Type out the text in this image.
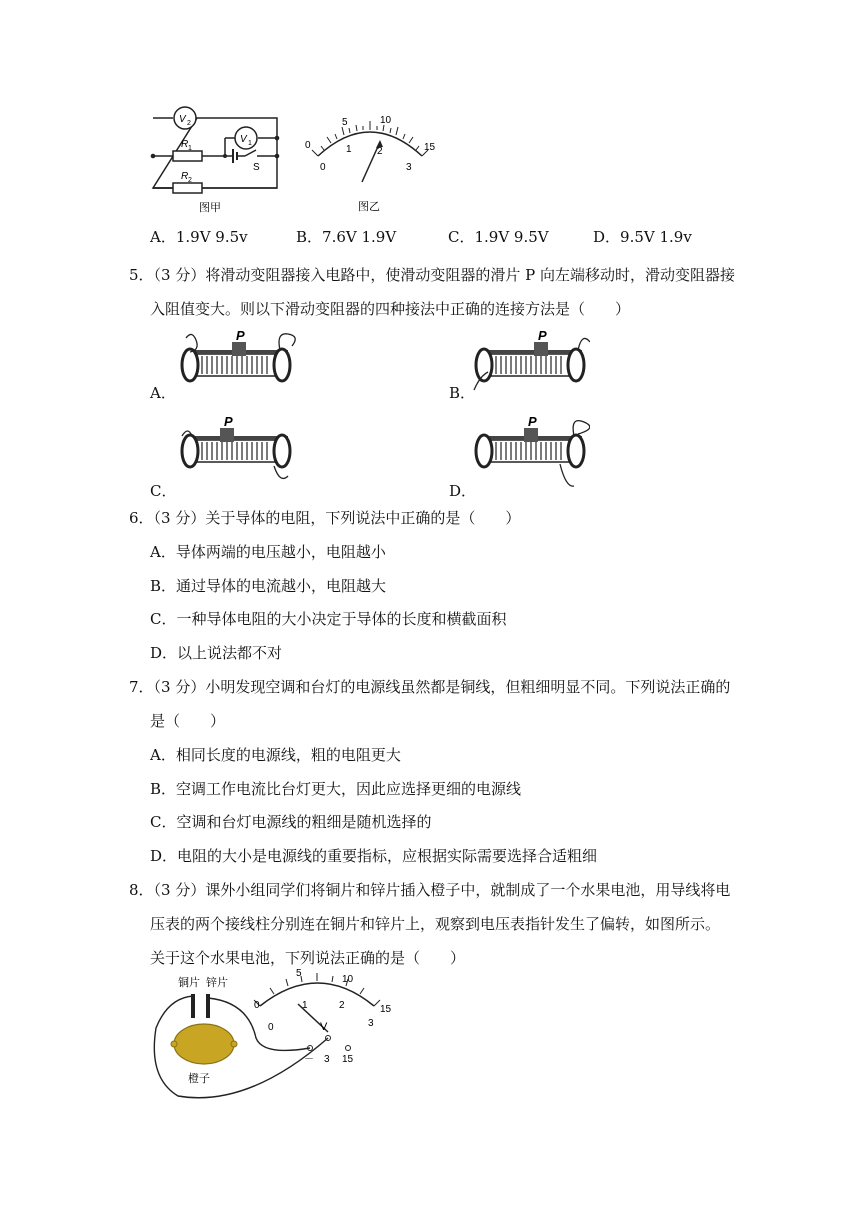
V 2
V 1
R 1
R 2
S
图甲
0
5	10
15
0
1	2
3
图乙
A．1.9V 9.5v	B．7.6V 1.9V	C．1.9V 9.5V	D．9.5V 1.9v
5．（3 分）将滑动变阻器接入电路中，使滑动变阻器的滑片 P 向左端移动时，滑动变阻器接
入阻值变大。则以下滑动变阻器的四种接法中正确的连接方法是（　　）
A．	B．
C．	D．
P	P
P	P
6．（3 分）关于导体的电阻，下列说法中正确的是（　　）
A．导体两端的电压越小，电阻越小
B．通过导体的电流越小，电阻越大
C．一种导体电阻的大小决定于导体的长度和横截面积
D．以上说法都不对
7．（3 分）小明发现空调和台灯的电源线虽然都是铜线，但粗细明显不同。下列说法正确的
是（　　）
A．相同长度的电源线，粗的电阻更大
B．空调工作电流比台灯更大，因此应选择更细的电源线
C．空调和台灯电源线的粗细是随机选择的
D．电阻的大小是电源线的重要指标，应根据实际需要选择合适粗细
8．（3 分）课外小组同学们将铜片和锌片插入橙子中，就制成了一个水果电池，用导线将电
压表的两个接线柱分别连在铜片和锌片上，观察到电压表指针发生了偏转，如图所示。
关于这个水果电池，下列说法正确的是（　　）
铜片 锌片
橙子
0
5
10
15
0
1	2
3
V
－ 3 15
